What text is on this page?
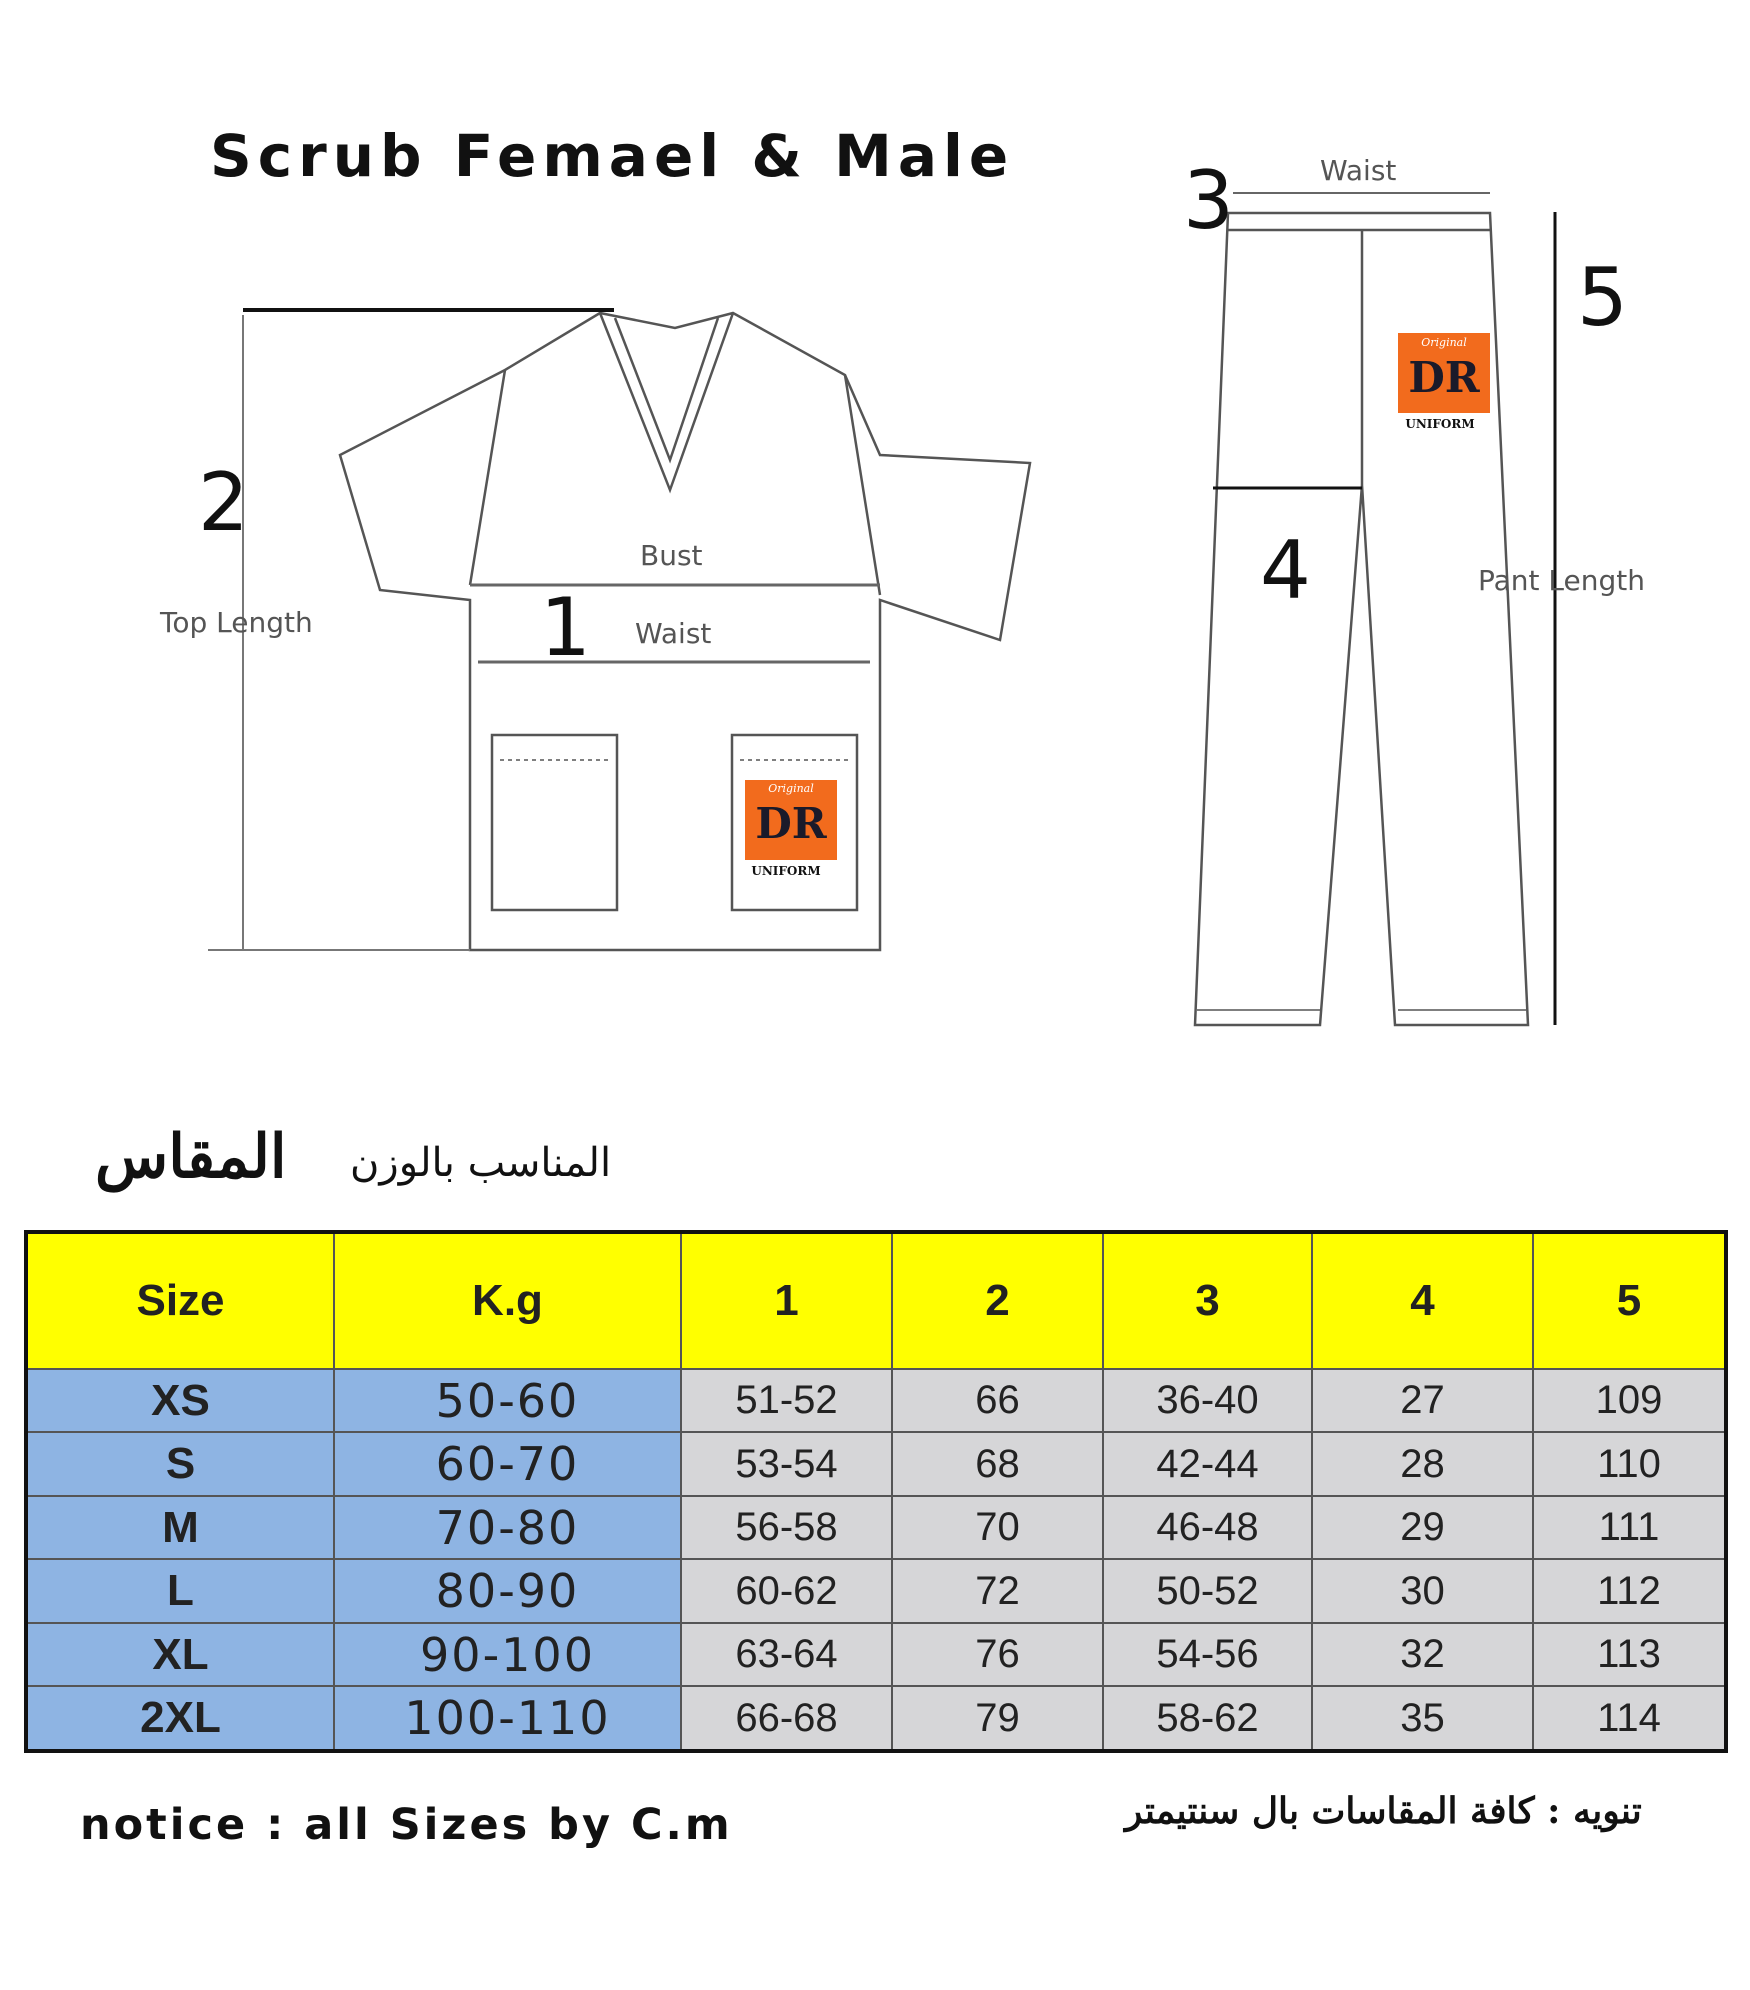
Scrub Femael & Male
Bust
Waist
Top Length
2
1
Original
DR
UNIFORM
Waist
Pant Length
3
4
5
Original
DR
UNIFORM
المقاس المناسب بالوزن
Size	K.g	1	2	3	4	5
XS	50-60	51-52	66	36-40	27	109
S	60-70	53-54	68	42-44	28	110
M	70-80	56-58	70	46-48	29	111
L	80-90	60-62	72	50-52	30	112
XL	90-100	63-64	76	54-56	32	113
2XL	100-110	66-68	79	58-62	35	114
notice : all Sizes by C.m	تنويه : كافة المقاسات بال سنتيمتر
